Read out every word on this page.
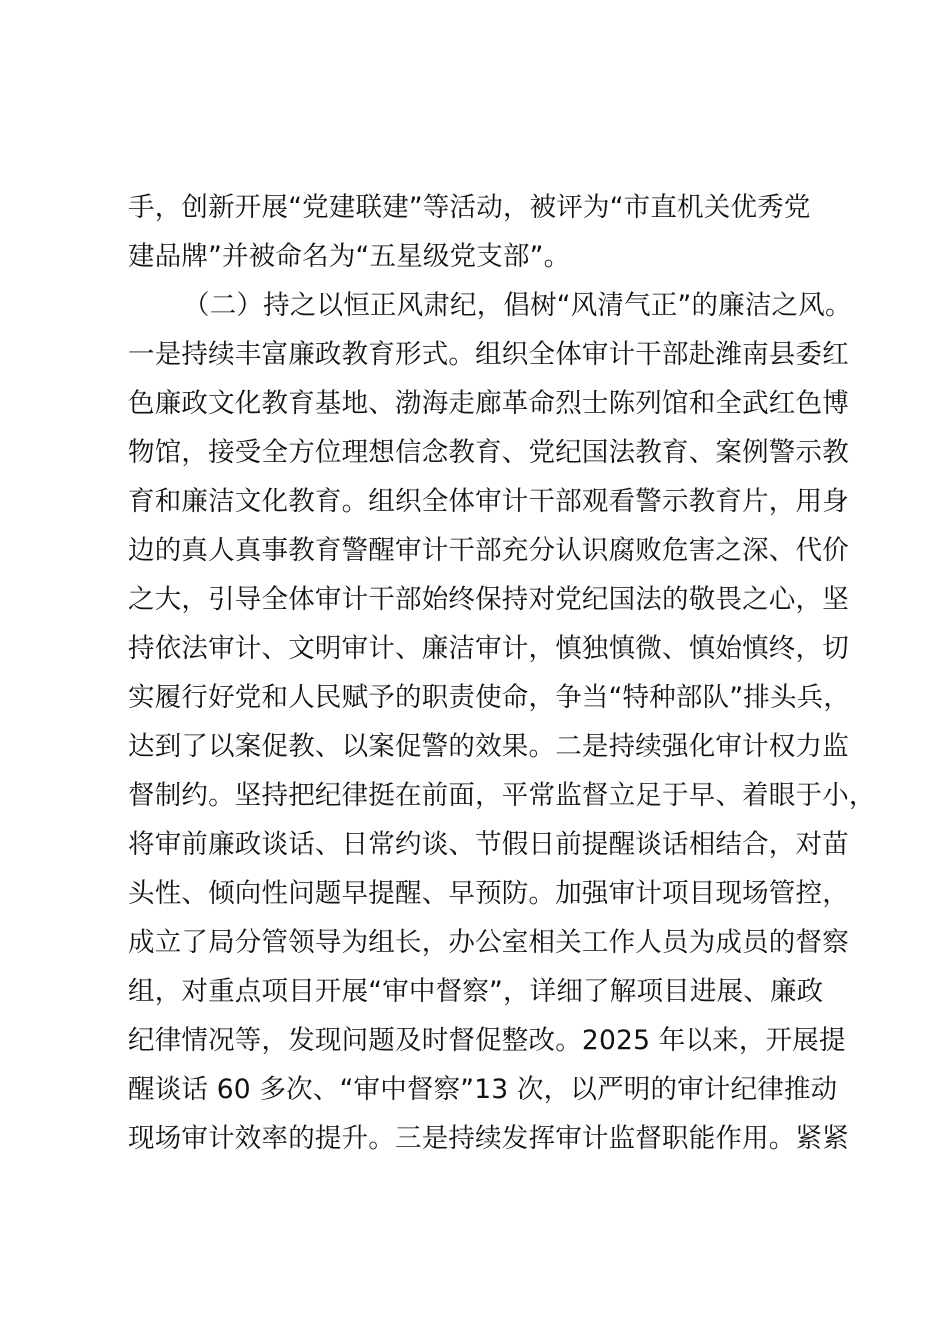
手，创新开展“党建联建”等活动，被评为“市直机关优秀党
建品牌”并被命名为“五星级党支部”。
（二）持之以恒正风肃纪，倡树“风清气正”的廉洁之风。
一是持续丰富廉政教育形式。组织全体审计干部赴潍南县委红
色廉政文化教育基地、渤海走廊革命烈士陈列馆和全武红色博
物馆，接受全方位理想信念教育、党纪国法教育、案例警示教
育和廉洁文化教育。组织全体审计干部观看警示教育片，用身
边的真人真事教育警醒审计干部充分认识腐败危害之深、代价
之大，引导全体审计干部始终保持对党纪国法的敬畏之心，坚
持依法审计、文明审计、廉洁审计，慎独慎微、慎始慎终，切
实履行好党和人民赋予的职责使命，争当“特种部队”排头兵，
达到了以案促教、以案促警的效果。二是持续强化审计权力监
督制约。坚持把纪律挺在前面，平常监督立足于早、着眼于小，
将审前廉政谈话、日常约谈、节假日前提醒谈话相结合，对苗
头性、倾向性问题早提醒、早预防。加强审计项目现场管控，
成立了局分管领导为组长，办公室相关工作人员为成员的督察
组，对重点项目开展“审中督察”，详细了解项目进展、廉政
纪律情况等，发现问题及时督促整改。2025 年以来，开展提
醒谈话 60 多次、“审中督察”13 次，以严明的审计纪律推动
现场审计效率的提升。三是持续发挥审计监督职能作用。紧紧
